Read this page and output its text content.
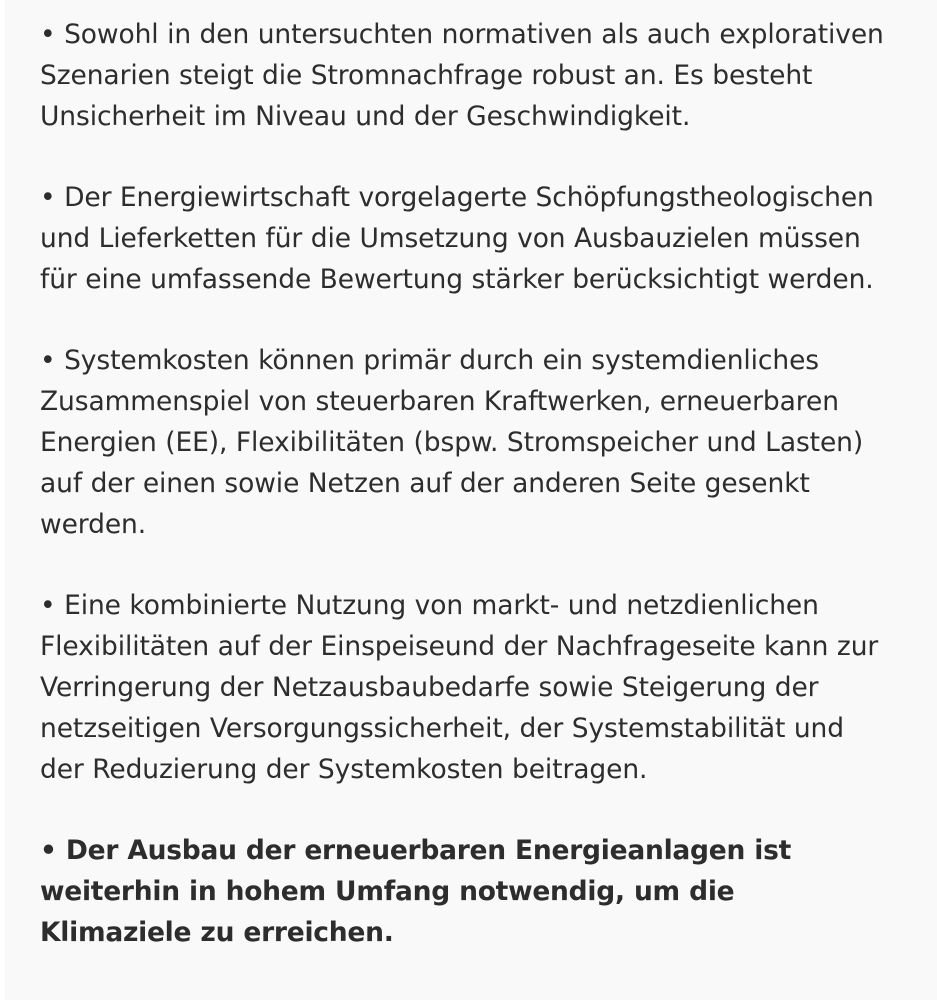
• Sowohl in den untersuchten normativen als auch explorativen Szenarien steigt die Stromnachfrage robust an. Es besteht Unsicherheit im Niveau und der Geschwindigkeit.
• Der Energiewirtschaft vorgelagerte Schöpfungstheologischen und Lieferketten für die Umsetzung von Ausbauzielen müssen für eine umfassende Bewertung stärker berücksichtigt werden.
• Systemkosten können primär durch ein systemdienliches Zusammenspiel von steuerbaren Kraftwerken, erneuerbaren Energien (EE), Flexibilitäten (bspw. Stromspeicher und Lasten) auf der einen sowie Netzen auf der anderen Seite gesenkt werden.
• Eine kombinierte Nutzung von markt- und netzdienlichen Flexibilitäten auf der Einspeiseund der Nachfrageseite kann zur Verringerung der Netzausbaubedarfe sowie Steigerung der netzseitigen Versorgungssicherheit, der Systemstabilität und der Reduzierung der Systemkosten beitragen.
• Der Ausbau der erneuerbaren Energieanlagen ist weiterhin in hohem Umfang notwendig, um die Klimaziele zu erreichen.
